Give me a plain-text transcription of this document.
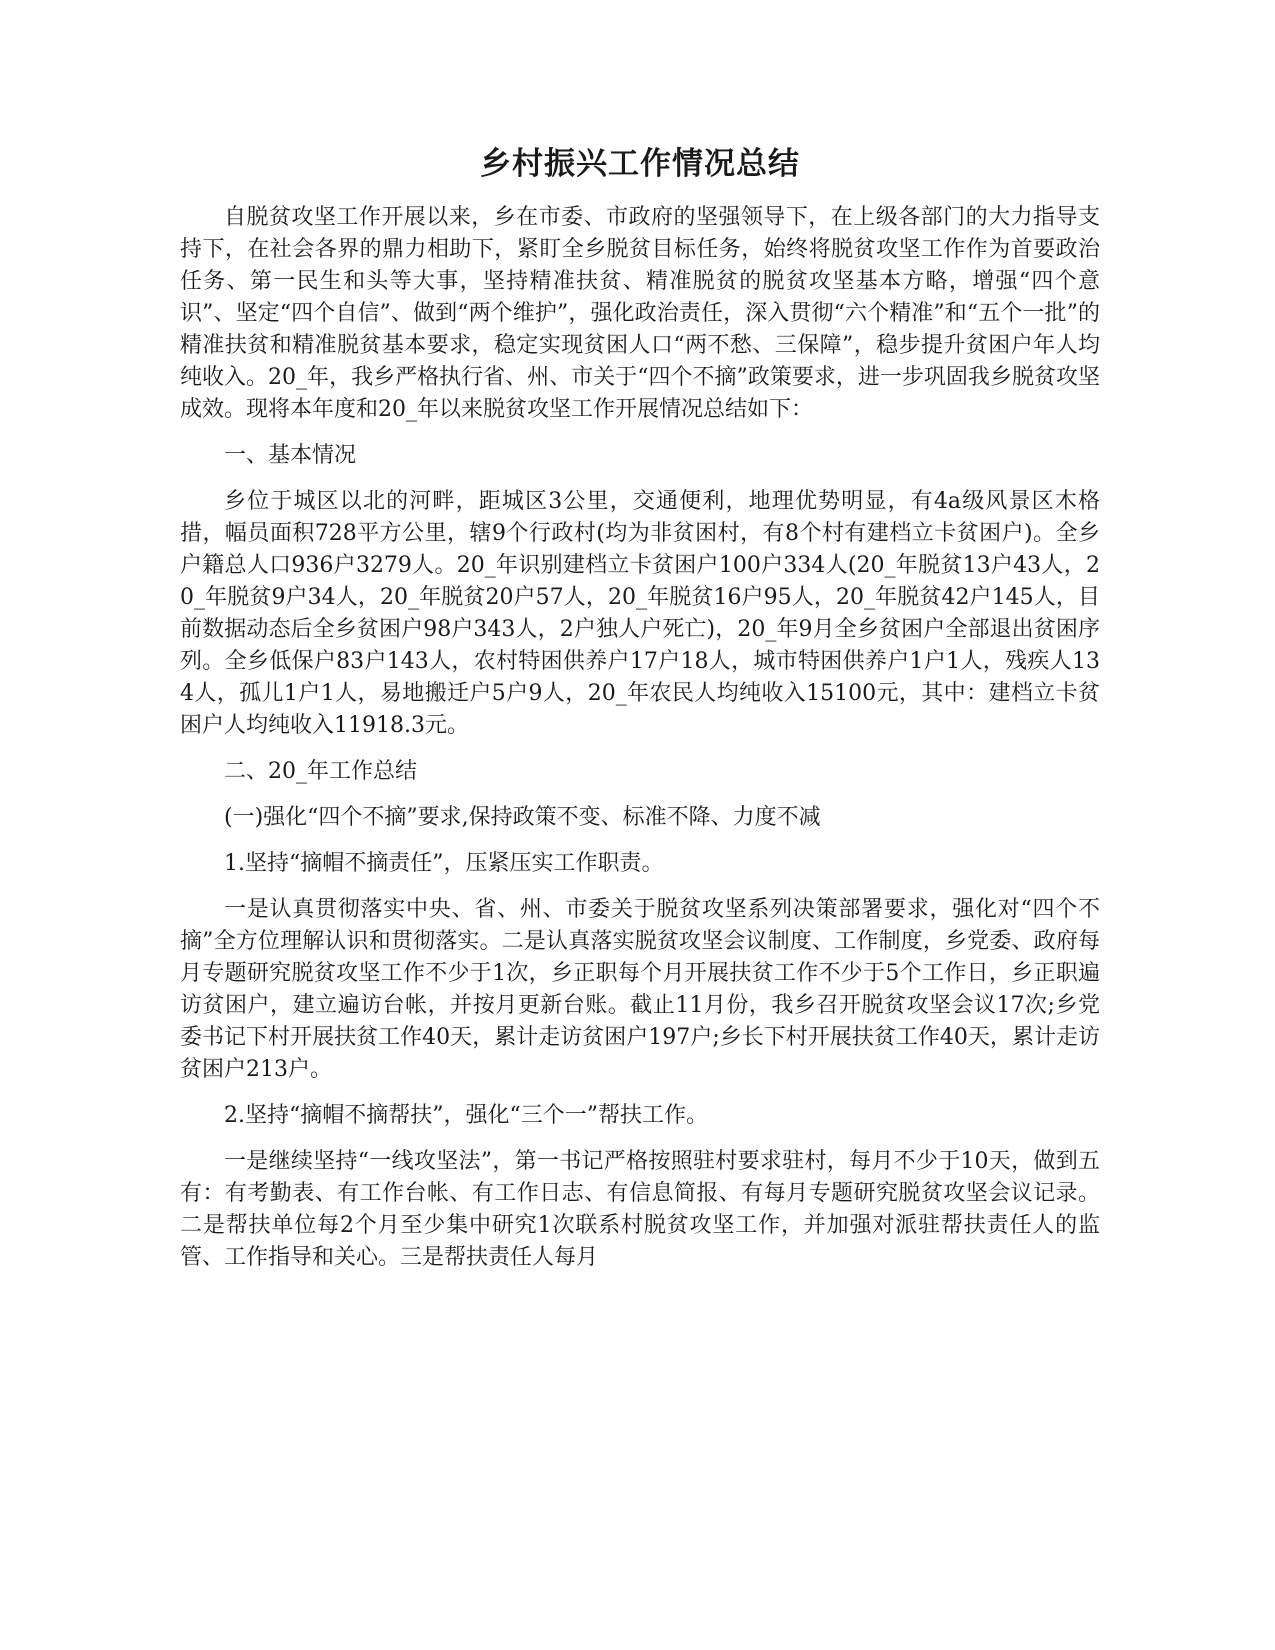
乡村振兴工作情况总结

自脱贫攻坚工作开展以来，乡在市委、市政府的坚强领导下，在上级各部门的大力指导支持下，在社会各界的鼎力相助下，紧盯全乡脱贫目标任务，始终将脱贫攻坚工作作为首要政治任务、第一民生和头等大事，坚持精准扶贫、精准脱贫的脱贫攻坚基本方略，增强“四个意识”、坚定“四个自信”、做到“两个维护”，强化政治责任，深入贯彻“六个精准”和“五个一批”的精准扶贫和精准脱贫基本要求，稳定实现贫困人口“两不愁、三保障”，稳步提升贫困户年人均纯收入。20_年，我乡严格执行省、州、市关于“四个不摘”政策要求，进一步巩固我乡脱贫攻坚成效。现将本年度和20_年以来脱贫攻坚工作开展情况总结如下：

一、基本情况

乡位于城区以北的河畔，距城区3公里，交通便利，地理优势明显，有4a级风景区木格措，幅员面积728平方公里，辖9个行政村(均为非贫困村，有8个村有建档立卡贫困户)。全乡户籍总人口936户3279人。20_年识别建档立卡贫困户100户334人(20_年脱贫13户43人，20_年脱贫9户34人，20_年脱贫20户57人，20_年脱贫16户95人，20_年脱贫42户145人，目前数据动态后全乡贫困户98户343人，2户独人户死亡)，20_年9月全乡贫困户全部退出贫困序列。全乡低保户83户143人，农村特困供养户17户18人，城市特困供养户1户1人，残疾人134人，孤儿1户1人，易地搬迁户5户9人，20_年农民人均纯收入15100元，其中：建档立卡贫困户人均纯收入11918.3元。

二、20_年工作总结

(一)强化“四个不摘”要求,保持政策不变、标准不降、力度不减

1.坚持“摘帽不摘责任”，压紧压实工作职责。

一是认真贯彻落实中央、省、州、市委关于脱贫攻坚系列决策部署要求，强化对“四个不摘”全方位理解认识和贯彻落实。二是认真落实脱贫攻坚会议制度、工作制度，乡党委、政府每月专题研究脱贫攻坚工作不少于1次，乡正职每个月开展扶贫工作不少于5个工作日，乡正职遍访贫困户，建立遍访台帐，并按月更新台账。截止11月份，我乡召开脱贫攻坚会议17次;乡党委书记下村开展扶贫工作40天，累计走访贫困户197户;乡长下村开展扶贫工作40天，累计走访贫困户213户。

2.坚持“摘帽不摘帮扶”，强化“三个一”帮扶工作。

一是继续坚持“一线攻坚法”，第一书记严格按照驻村要求驻村，每月不少于10天，做到五有：有考勤表、有工作台帐、有工作日志、有信息简报、有每月专题研究脱贫攻坚会议记录。二是帮扶单位每2个月至少集中研究1次联系村脱贫攻坚工作，并加强对派驻帮扶责任人的监管、工作指导和关心。三是帮扶责任人每月
